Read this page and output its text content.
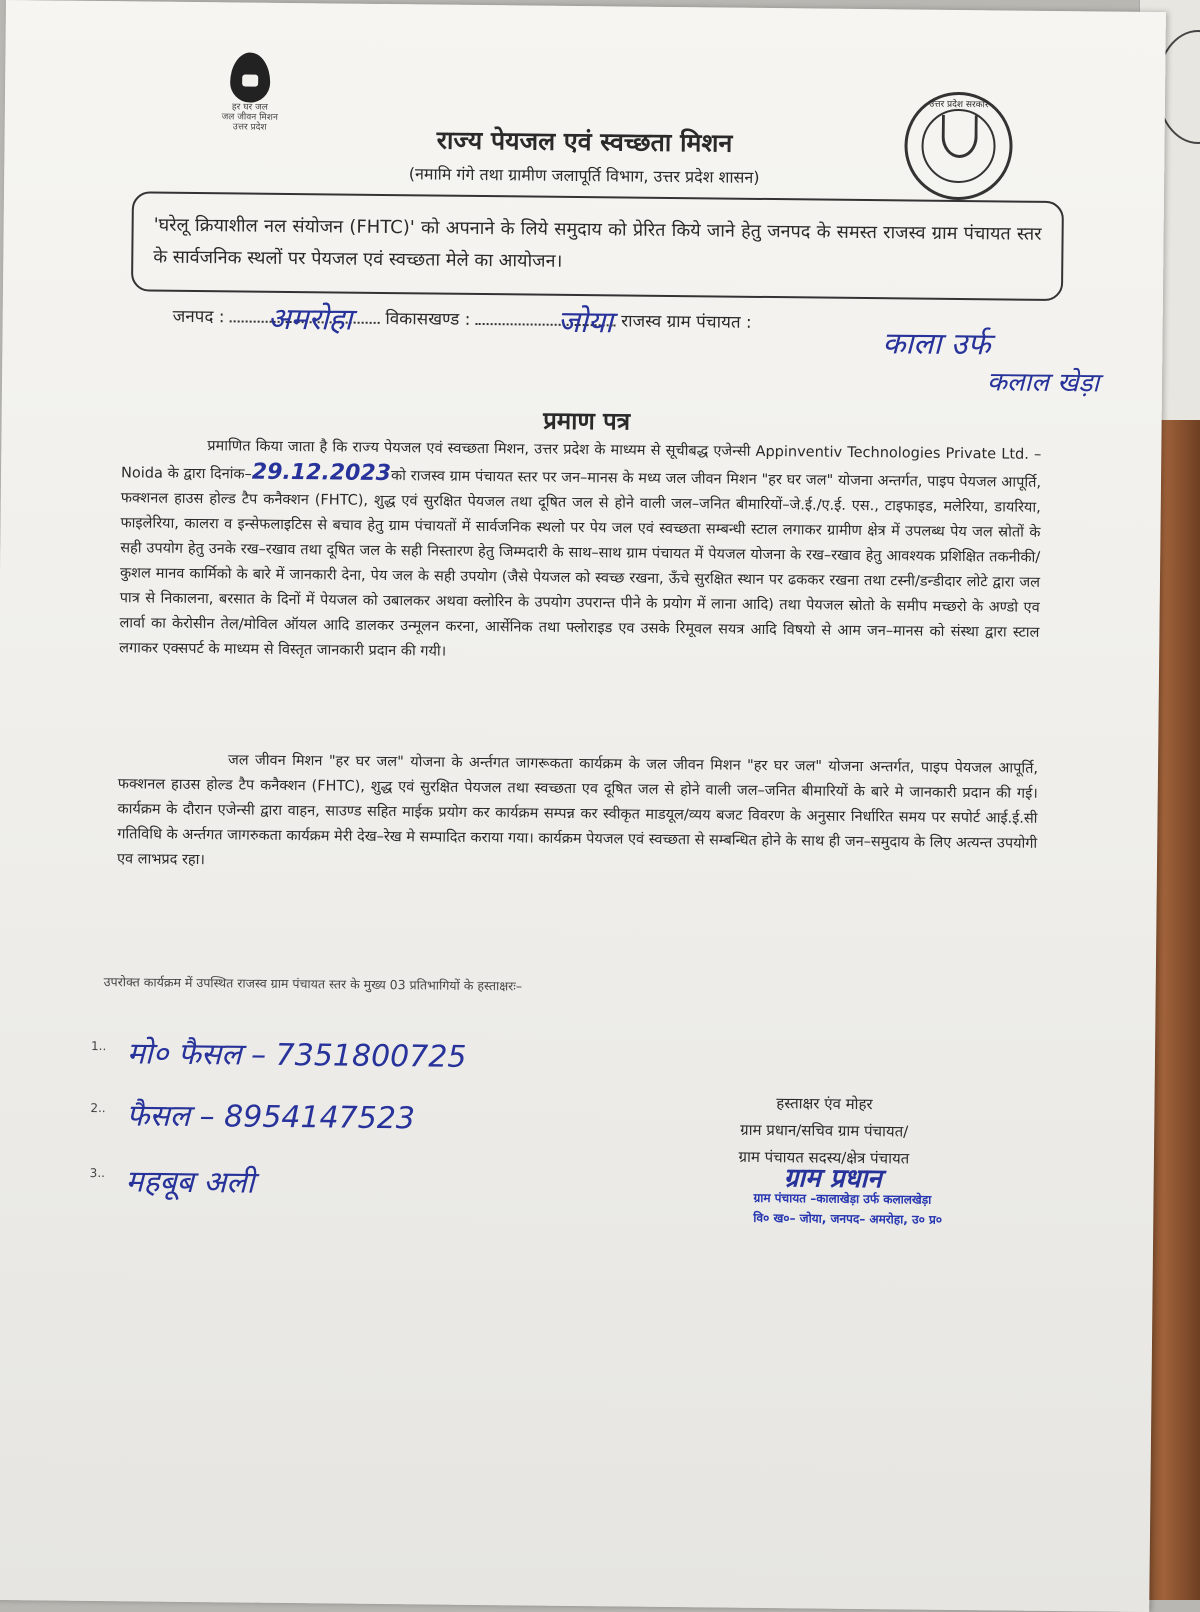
हर घर जल
जल जीवन मिशन
उत्तर प्रदेश	राज्य पेयजल एवं स्वच्छता मिशन
(नमामि गंगे तथा ग्रामीण जलापूर्ति विभाग, उत्तर प्रदेश शासन)
उत्तर प्रदेश सरकार
'घरेलू क्रियाशील नल संयोजन (FHTC)' को अपनाने के लिये समुदाय को प्रेरित किये जाने हेतु जनपद के समस्त राजस्व ग्राम पंचायत स्तर के सार्वजनिक स्थलों पर पेयजल एवं स्वच्छता मेले का आयोजन।
जनपद :	विकासखण्ड :	राजस्व ग्राम पंचायत :
अमरोहा	जोया
काला उर्फ
कलाल खेड़ा
प्रमाण पत्र
प्रमाणित किया जाता है कि राज्य पेयजल एवं स्वच्छता मिशन, उत्तर प्रदेश के माध्यम से सूचीबद्ध एजेन्सी Appinventiv Technologies Private Ltd. – Noida के द्वारा दिनांक–29.12.2023को राजस्व ग्राम पंचायत स्तर पर जन–मानस के मध्य जल जीवन मिशन "हर घर जल" योजना अन्तर्गत, पाइप पेयजल आपूर्ति, फक्शनल हाउस होल्ड टैप कनैक्शन (FHTC), शुद्ध एवं सुरक्षित पेयजल तथा दूषित जल से होने वाली जल–जनित बीमारियों–जे.ई./ए.ई. एस., टाइफाइड, मलेरिया, डायरिया, फाइलेरिया, कालरा व इन्सेफलाइटिस से बचाव हेतु ग्राम पंचायतों में सार्वजनिक स्थलो पर पेय जल एवं स्वच्छता सम्बन्धी स्टाल लगाकर ग्रामीण क्षेत्र में उपलब्ध पेय जल स्रोतों के सही उपयोग हेतु उनके रख–रखाव तथा दूषित जल के सही निस्तारण हेतु जिम्मदारी के साथ–साथ ग्राम पंचायत में पेयजल योजना के रख–रखाव हेतु आवश्यक प्रशिक्षित तकनीकी/कुशल मानव कार्मिको के बारे में जानकारी देना, पेय जल के सही उपयोग (जैसे पेयजल को स्वच्छ रखना, ऊँचे सुरक्षित स्थान पर ढककर रखना तथा टस्नी/डन्डीदार लोटे द्वारा जल पात्र से निकालना, बरसात के दिनों में पेयजल को उबालकर अथवा क्लोरिन के उपयोग उपरान्त पीने के प्रयोग में लाना आदि) तथा पेयजल स्रोतो के समीप मच्छरो के अण्डो एव लार्वा का केरोसीन तेल/मोविल ऑयल आदि डालकर उन्मूलन करना, आर्सेनिक तथा फ्लोराइड एव उसके रिमूवल सयत्र आदि विषयो से आम जन–मानस को संस्था द्वारा स्टाल लगाकर एक्सपर्ट के माध्यम से विस्तृत जानकारी प्रदान की गयी।
जल जीवन मिशन "हर घर जल" योजना के अर्न्तगत जागरूकता कार्यक्रम के जल जीवन मिशन "हर घर जल" योजना अन्तर्गत, पाइप पेयजल आपूर्ति, फक्शनल हाउस होल्ड टैप कनैक्शन (FHTC), शुद्ध एवं सुरक्षित पेयजल तथा स्वच्छता एव दूषित जल से होने वाली जल–जनित बीमारियों के बारे मे जानकारी प्रदान की गई। कार्यक्रम के दौरान एजेन्सी द्वारा वाहन, साउण्ड सहित माईक प्रयोग कर कार्यक्रम सम्पन्न कर स्वीकृत माडयूल/व्यय बजट विवरण के अनुसार निर्धारित समय पर सपोर्ट आई.ई.सी गतिविधि के अर्न्तगत जागरुकता कार्यक्रम मेरी देख–रेख मे सम्पादित कराया गया। कार्यक्रम पेयजल एवं स्वच्छता से सम्बन्धित होने के साथ ही जन–समुदाय के लिए अत्यन्त उपयोगी एव लाभप्रद रहा।
उपरोक्त कार्यक्रम में उपस्थित राजस्व ग्राम पंचायत स्तर के मुख्य 03 प्रतिभागियों के हस्ताक्षरः–
1.. मो० फैसल – 7351800725
2.. फैसल – 8954147523
3.. महबूब अली
हस्ताक्षर एंव मोहर
ग्राम प्रधान/सचिव ग्राम पंचायत/
ग्राम पंचायत सदस्य/क्षेत्र पंचायत
ग्राम प्रधान
ग्राम पंचायत –कालाखेड़ा उर्फ कलालखेड़ा
वि० ख०– जोया, जनपद– अमरोहा, उ० प्र०
